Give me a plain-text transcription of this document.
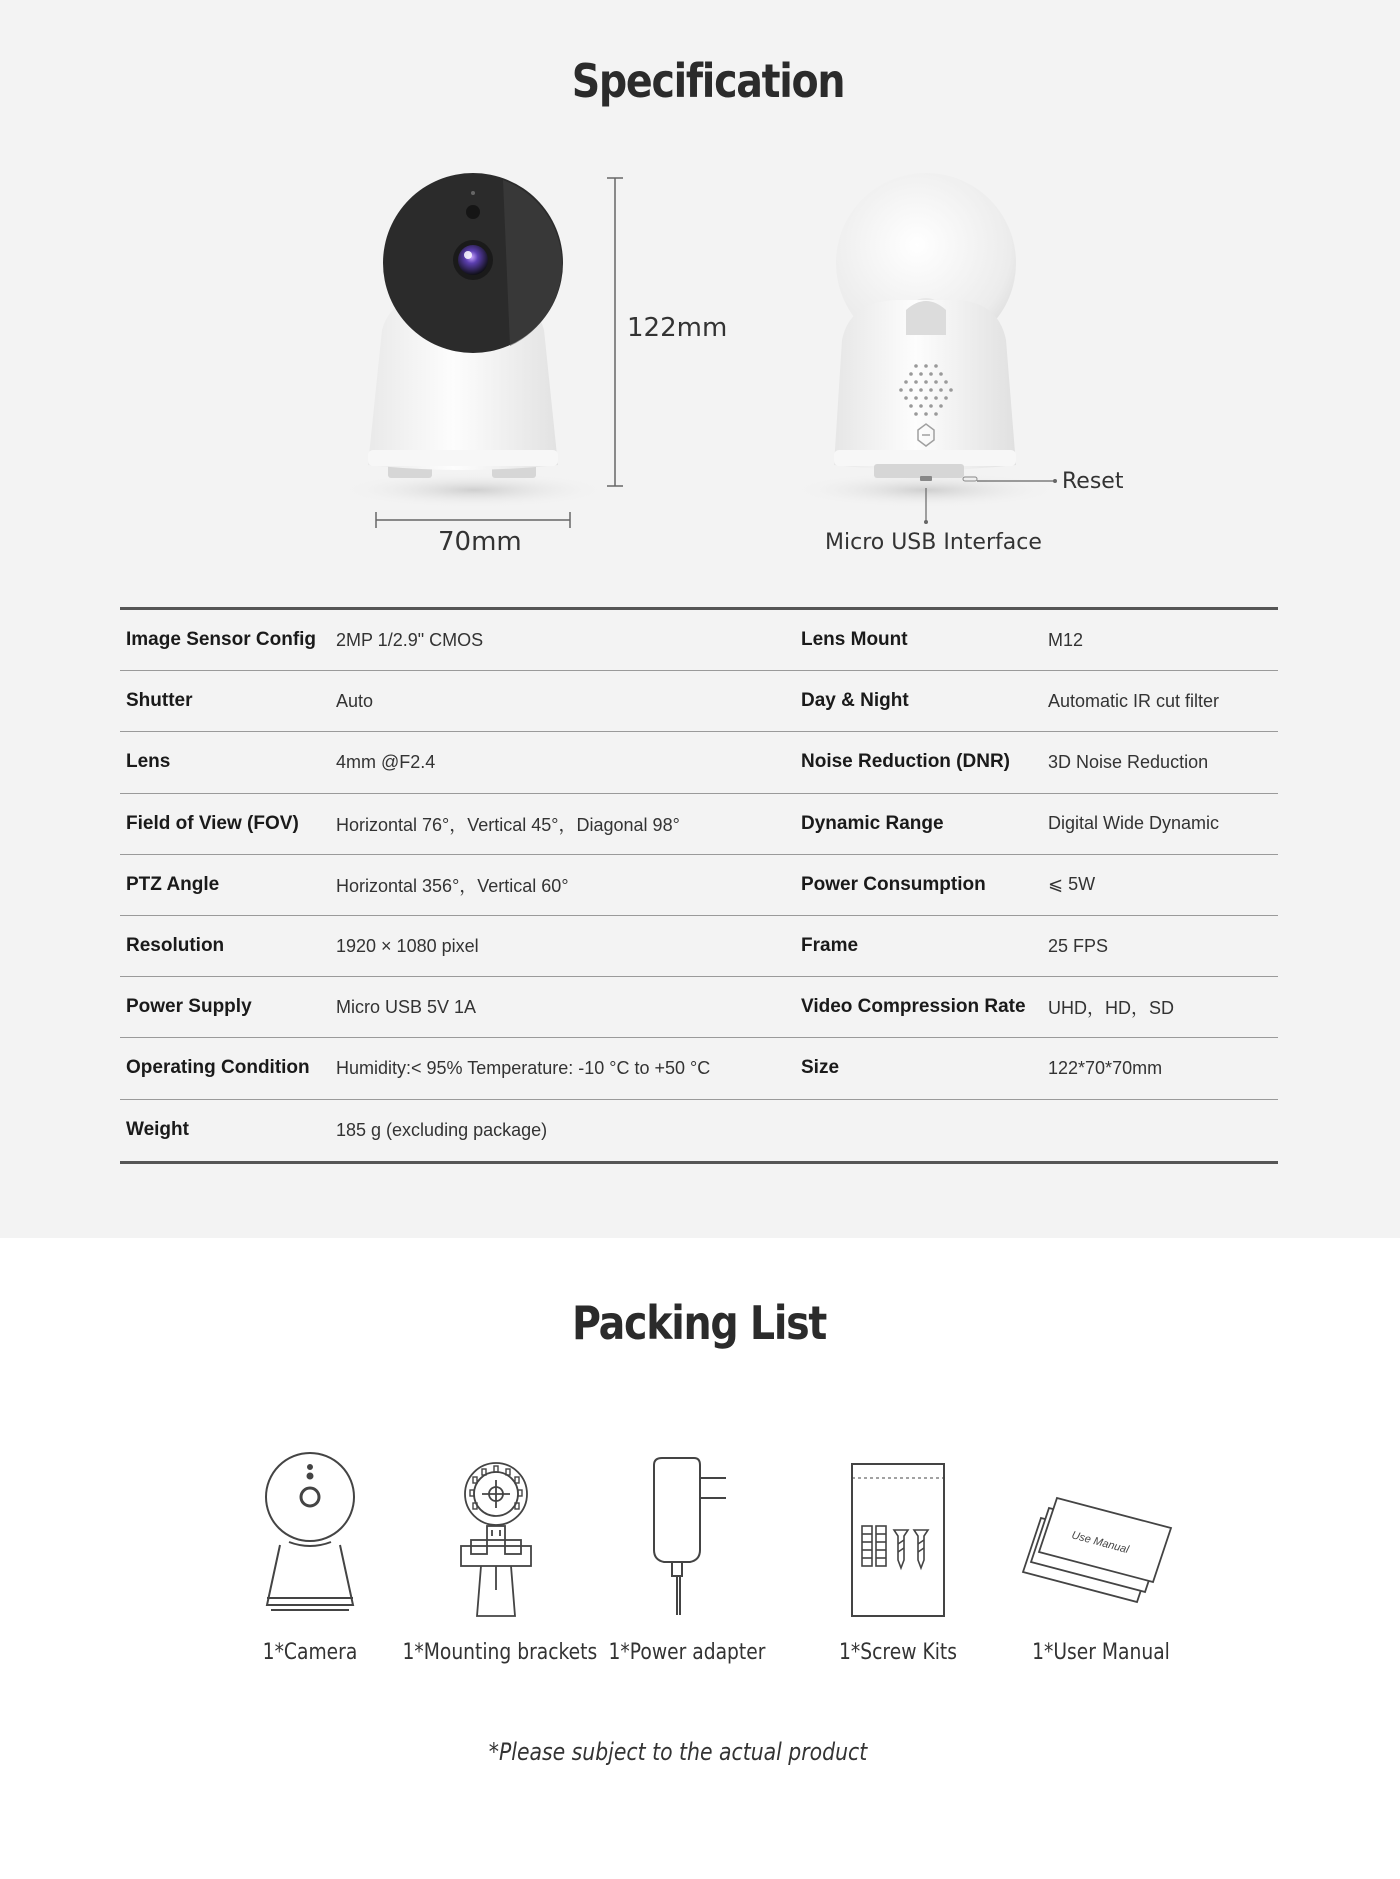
Specification
122mm
70mm
Reset
Micro USB Interface
Image Sensor Config	2MP 1/2.9" CMOS	Lens Mount	M12
Shutter	Auto	Day & Night	Automatic IR cut filter
Lens	4mm @F2.4	Noise Reduction (DNR)	3D Noise Reduction
Field of View (FOV)	Horizontal 76°，Vertical 45°，Diagonal 98°	Dynamic Range	Digital Wide Dynamic
PTZ Angle	Horizontal 356°，Vertical 60°	Power Consumption	⩽ 5W
Resolution	1920 × 1080 pixel	Frame	25 FPS
Power Supply	Micro USB 5V 1A	Video Compression Rate	UHD，HD，SD
Operating Condition	Humidity:< 95% Temperature: -10 °C to +50 °C	Size	122*70*70mm
Weight	185 g (excluding package)
Packing List
1*Camera	1*Mounting brackets 1*Power adapter	1*Screw Kits
Use Manual
1*User Manual
*Please subject to the actual product
